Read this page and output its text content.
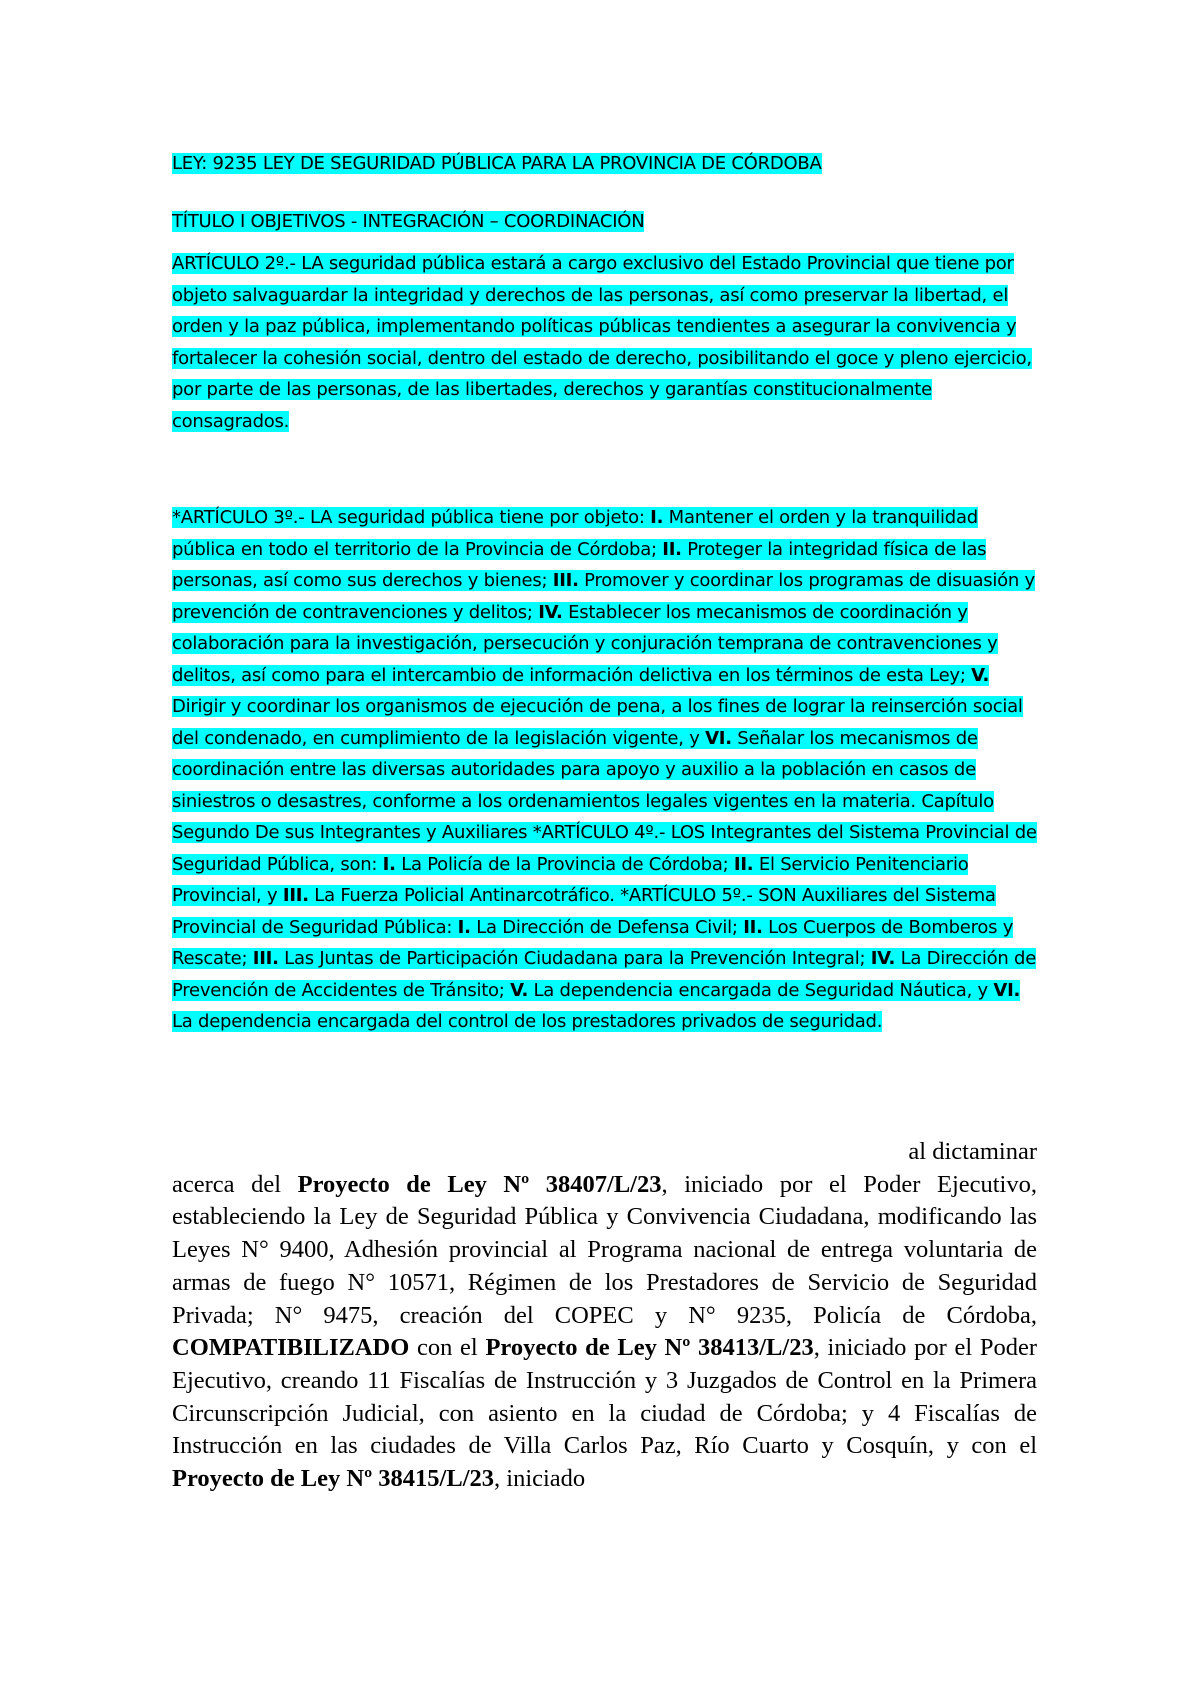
LEY: 9235 LEY DE SEGURIDAD PÚBLICA PARA LA PROVINCIA DE CÓRDOBA

TÍTULO I OBJETIVOS - INTEGRACIÓN – COORDINACIÓN

ARTÍCULO 2º.- LA seguridad pública estará a cargo exclusivo del Estado Provincial que tiene por objeto salvaguardar la integridad y derechos de las personas, así como preservar la libertad, el orden y la paz pública, implementando políticas públicas tendientes a asegurar la convivencia y fortalecer la cohesión social, dentro del estado de derecho, posibilitando el goce y pleno ejercicio, por parte de las personas, de las libertades, derechos y garantías constitucionalmente consagrados.

*ARTÍCULO 3º.- LA seguridad pública tiene por objeto: I. Mantener el orden y la tranquilidad pública en todo el territorio de la Provincia de Córdoba; II. Proteger la integridad física de las personas, así como sus derechos y bienes; III. Promover y coordinar los programas de disuasión y prevención de contravenciones y delitos; IV. Establecer los mecanismos de coordinación y colaboración para la investigación, persecución y conjuración temprana de contravenciones y delitos, así como para el intercambio de información delictiva en los términos de esta Ley; V. Dirigir y coordinar los organismos de ejecución de pena, a los fines de lograr la reinserción social del condenado, en cumplimiento de la legislación vigente, y VI. Señalar los mecanismos de coordinación entre las diversas autoridades para apoyo y auxilio a la población en casos de siniestros o desastres, conforme a los ordenamientos legales vigentes en la materia. Capítulo Segundo De sus Integrantes y Auxiliares *ARTÍCULO 4º.- LOS Integrantes del Sistema Provincial de Seguridad Pública, son: I. La Policía de la Provincia de Córdoba; II. El Servicio Penitenciario Provincial, y III. La Fuerza Policial Antinarcotráfico. *ARTÍCULO 5º.- SON Auxiliares del Sistema Provincial de Seguridad Pública: I. La Dirección de Defensa Civil; II. Los Cuerpos de Bomberos y Rescate; III. Las Juntas de Participación Ciudadana para la Prevención Integral; IV. La Dirección de Prevención de Accidentes de Tránsito; V. La dependencia encargada de Seguridad Náutica, y VI. La dependencia encargada del control de los prestadores privados de seguridad.

al dictaminar
acerca del Proyecto de Ley Nº 38407/L/23, iniciado por el Poder Ejecutivo, estableciendo la Ley de Seguridad Pública y Convivencia Ciudadana, modificando las Leyes N° 9400, Adhesión provincial al Programa nacional de entrega voluntaria de armas de fuego N° 10571, Régimen de los Prestadores de Servicio de Seguridad Privada; N° 9475, creación del COPEC y N° 9235, Policía de Córdoba, COMPATIBILIZADO con el Proyecto de Ley Nº 38413/L/23, iniciado por el Poder Ejecutivo, creando 11 Fiscalías de Instrucción y 3 Juzgados de Control en la Primera Circunscripción Judicial, con asiento en la ciudad de Córdoba; y 4 Fiscalías de Instrucción en las ciudades de Villa Carlos Paz, Río Cuarto y Cosquín, y con el Proyecto de Ley Nº 38415/L/23, iniciado
